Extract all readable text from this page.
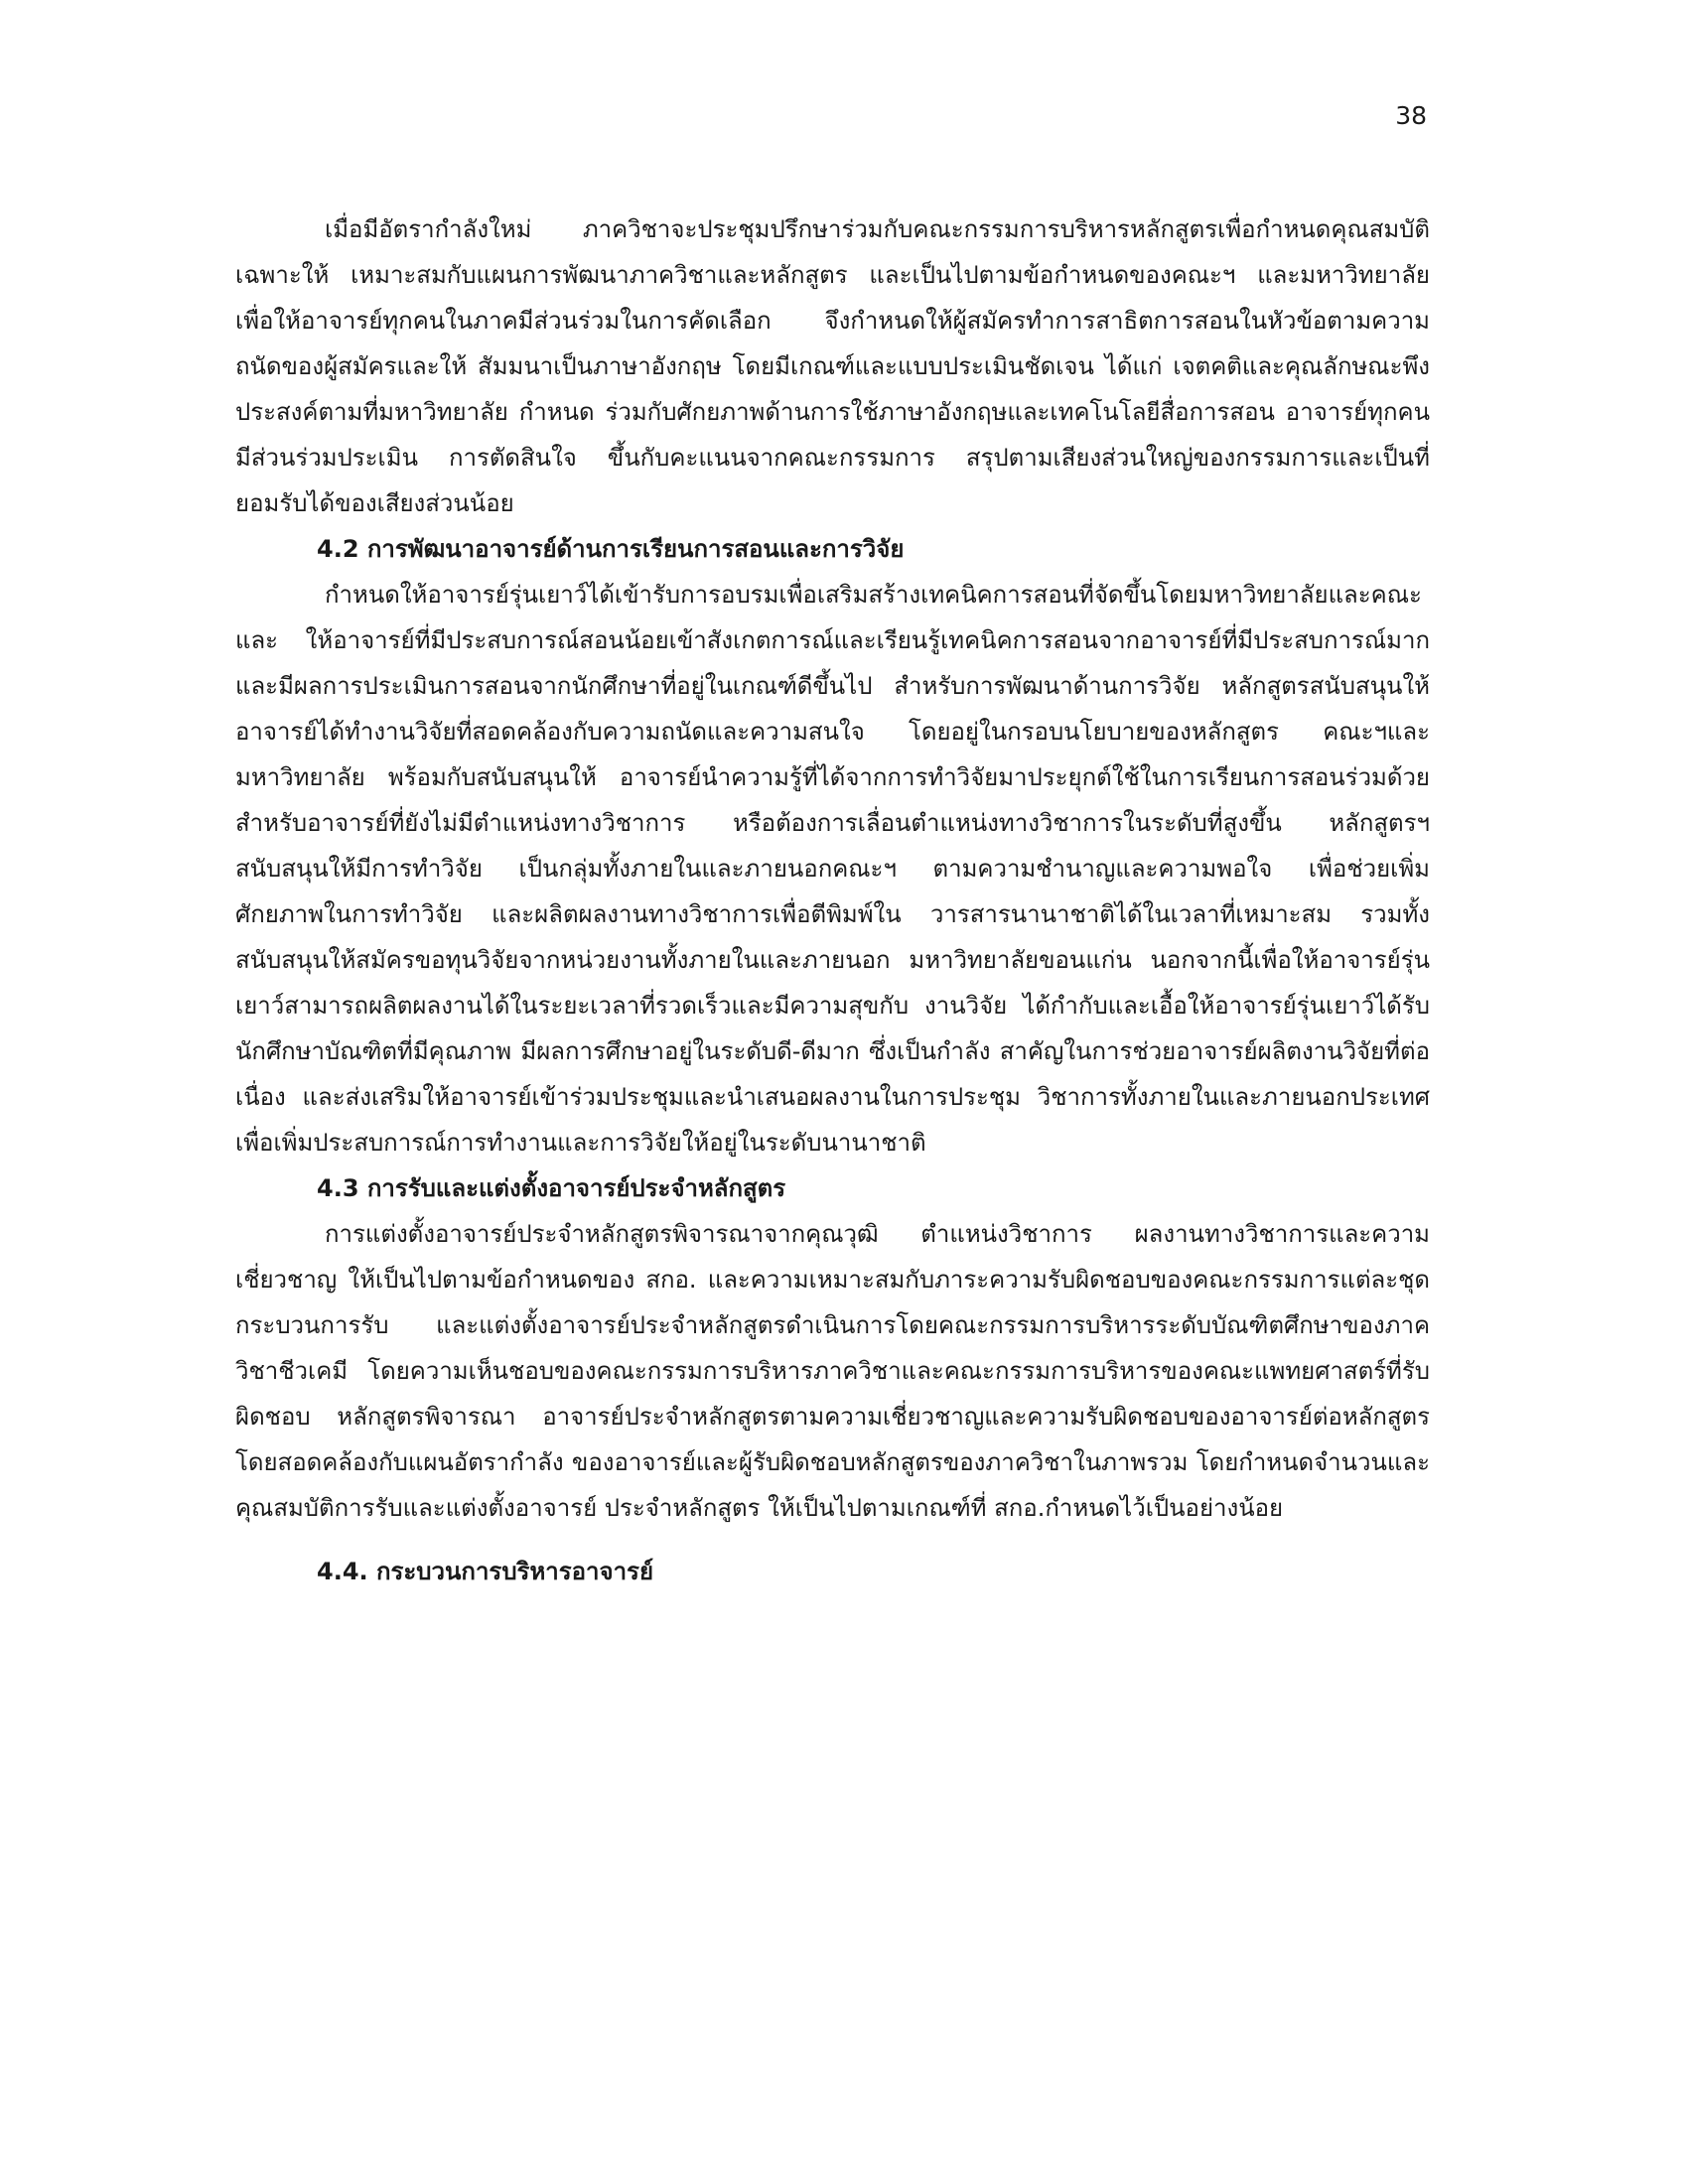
38

เมื่อมีอัตรากำลังใหม่ ภาควิชาจะประชุมปรึกษาร่วมกับคณะกรรมการบริหารหลักสูตรเพื่อกำหนดคุณสมบัติเฉพาะให้ เหมาะสมกับแผนการพัฒนาภาควิชาและหลักสูตร และเป็นไปตามข้อกำหนดของคณะฯ และมหาวิทยาลัย เพื่อให้อาจารย์ทุกคนในภาคมีส่วนร่วมในการคัดเลือก จึงกำหนดให้ผู้สมัครทำการสาธิตการสอนในหัวข้อตามความถนัดของผู้สมัครและให้ สัมมนาเป็นภาษาอังกฤษ โดยมีเกณฑ์และแบบประเมินชัดเจน ได้แก่ เจตคติและคุณลักษณะพึงประสงค์ตามที่มหาวิทยาลัย กำหนด ร่วมกับศักยภาพด้านการใช้ภาษาอังกฤษและเทคโนโลยีสื่อการสอน อาจารย์ทุกคนมีส่วนร่วมประเมิน การตัดสินใจ ขึ้นกับคะแนนจากคณะกรรมการ สรุปตามเสียงส่วนใหญ่ของกรรมการและเป็นที่ยอมรับได้ของเสียงส่วนน้อย

4.2 การพัฒนาอาจารย์ด้านการเรียนการสอนและการวิจัย

กำหนดให้อาจารย์รุ่นเยาว์ได้เข้ารับการอบรมเพื่อเสริมสร้างเทคนิคการสอนที่จัดขึ้นโดยมหาวิทยาลัยและคณะ และ ให้อาจารย์ที่มีประสบการณ์สอนน้อยเข้าสังเกตการณ์และเรียนรู้เทคนิคการสอนจากอาจารย์ที่มีประสบการณ์มาก และมีผลการประเมินการสอนจากนักศึกษาที่อยู่ในเกณฑ์ดีขึ้นไป สำหรับการพัฒนาด้านการวิจัย หลักสูตรสนับสนุนให้อาจารย์ได้ทำงานวิจัยที่สอดคล้องกับความถนัดและความสนใจ โดยอยู่ในกรอบนโยบายของหลักสูตร คณะฯและมหาวิทยาลัย พร้อมกับสนับสนุนให้ อาจารย์นำความรู้ที่ได้จากการทำวิจัยมาประยุกต์ใช้ในการเรียนการสอนร่วมด้วย สำหรับอาจารย์ที่ยังไม่มีตำแหน่งทางวิชาการ หรือต้องการเลื่อนตำแหน่งทางวิชาการในระดับที่สูงขึ้น หลักสูตรฯ สนับสนุนให้มีการทำวิจัย เป็นกลุ่มทั้งภายในและภายนอกคณะฯ ตามความชำนาญและความพอใจ เพื่อช่วยเพิ่มศักยภาพในการทำวิจัย และผลิตผลงานทางวิชาการเพื่อตีพิมพ์ใน วารสารนานาชาติได้ในเวลาที่เหมาะสม รวมทั้งสนับสนุนให้สมัครขอทุนวิจัยจากหน่วยงานทั้งภายในและภายนอก มหาวิทยาลัยขอนแก่น นอกจากนี้เพื่อให้อาจารย์รุ่นเยาว์สามารถผลิตผลงานได้ในระยะเวลาที่รวดเร็วและมีความสุขกับ งานวิจัย ได้กำกับและเอื้อให้อาจารย์รุ่นเยาว์ได้รับนักศึกษาบัณฑิตที่มีคุณภาพ มีผลการศึกษาอยู่ในระดับดี-ดีมาก ซึ่งเป็นกำลัง สาคัญในการช่วยอาจารย์ผลิตงานวิจัยที่ต่อเนื่อง และส่งเสริมให้อาจารย์เข้าร่วมประชุมและนำเสนอผลงานในการประชุม วิชาการทั้งภายในและภายนอกประเทศ เพื่อเพิ่มประสบการณ์การทำงานและการวิจัยให้อยู่ในระดับนานาชาติ

4.3 การรับและแต่งตั้งอาจารย์ประจำหลักสูตร

การแต่งตั้งอาจารย์ประจำหลักสูตรพิจารณาจากคุณวุฒิ ตำแหน่งวิชาการ ผลงานทางวิชาการและความเชี่ยวชาญ ให้เป็นไปตามข้อกำหนดของ สกอ. และความเหมาะสมกับภาระความรับผิดชอบของคณะกรรมการแต่ละชุด กระบวนการรับ และแต่งตั้งอาจารย์ประจำหลักสูตรดำเนินการโดยคณะกรรมการบริหารระดับบัณฑิตศึกษาของภาควิชาชีวเคมี โดยความเห็นชอบของคณะกรรมการบริหารภาควิชาและคณะกรรมการบริหารของคณะแพทยศาสตร์ที่รับผิดชอบ หลักสูตรพิจารณา อาจารย์ประจำหลักสูตรตามความเชี่ยวชาญและความรับผิดชอบของอาจารย์ต่อหลักสูตร โดยสอดคล้องกับแผนอัตรากำลัง ของอาจารย์และผู้รับผิดชอบหลักสูตรของภาควิชาในภาพรวม โดยกำหนดจำนวนและคุณสมบัติการรับและแต่งตั้งอาจารย์ ประจำหลักสูตร ให้เป็นไปตามเกณฑ์ที่ สกอ.กำหนดไว้เป็นอย่างน้อย

4.4. กระบวนการบริหารอาจารย์
